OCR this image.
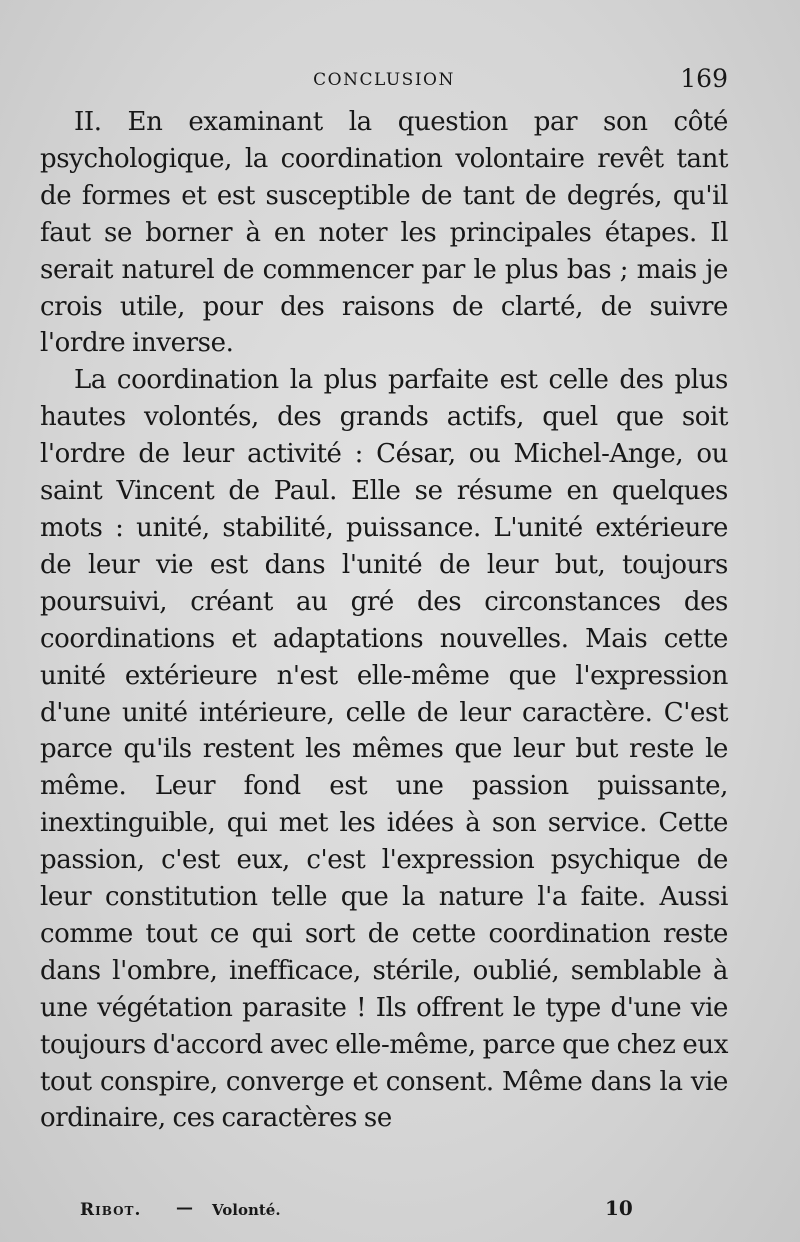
CONCLUSION	169

II. En examinant la question par son côté psychologique, la coordination volontaire revêt tant de formes et est susceptible de tant de degrés, qu'il faut se borner à en noter les principales étapes. Il serait naturel de commencer par le plus bas ; mais je crois utile, pour des raisons de clarté, de suivre l'ordre inverse.

La coordination la plus parfaite est celle des plus hautes volontés, des grands actifs, quel que soit l'ordre de leur activité : César, ou Michel-Ange, ou saint Vincent de Paul. Elle se résume en quelques mots : unité, stabilité, puissance. L'unité extérieure de leur vie est dans l'unité de leur but, toujours poursuivi, créant au gré des circonstances des coordinations et adaptations nouvelles. Mais cette unité extérieure n'est elle-même que l'expression d'une unité intérieure, celle de leur caractère. C'est parce qu'ils restent les mêmes que leur but reste le même. Leur fond est une passion puissante, inextinguible, qui met les idées à son service. Cette passion, c'est eux, c'est l'expression psychique de leur constitution telle que la nature l'a faite. Aussi comme tout ce qui sort de cette coordination reste dans l'ombre, inefficace, stérile, oublié, semblable à une végétation parasite ! Ils offrent le type d'une vie toujours d'accord avec elle-même, parce que chez eux tout conspire, converge et consent. Même dans la vie ordinaire, ces caractères se

Ribot. — Volonté.	10
